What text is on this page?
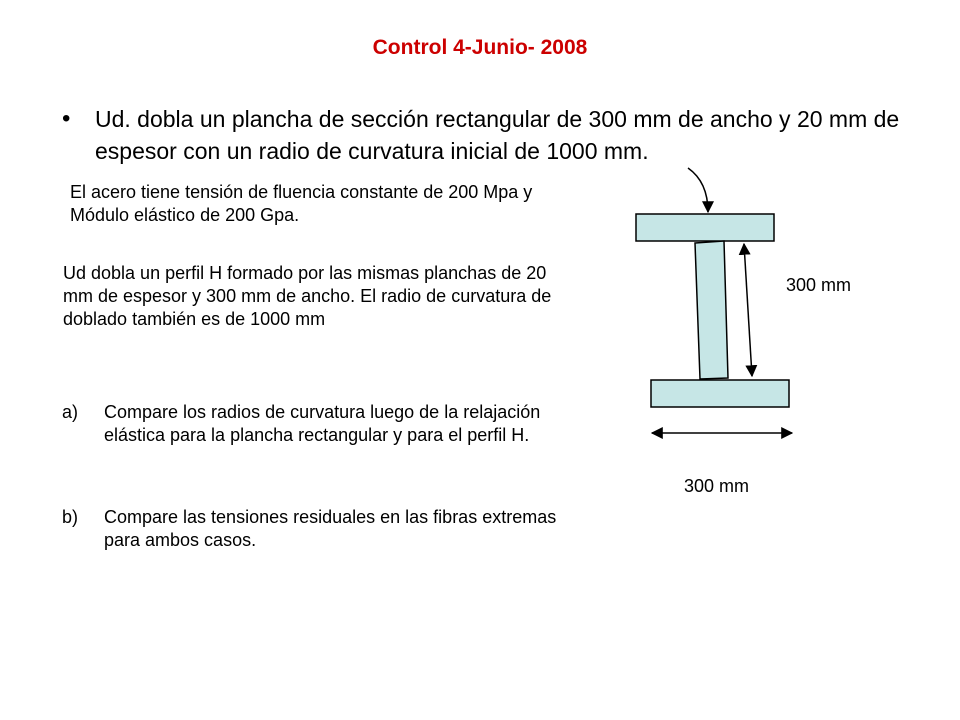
Control 4-Junio- 2008
• Ud. dobla un plancha de sección rectangular de 300 mm de ancho y 20 mm de espesor con un radio de curvatura inicial de 1000 mm.
El acero tiene tensión de fluencia constante de 200 Mpa y Módulo elástico de 200 Gpa.
Ud dobla un perfil H formado por las mismas planchas de 20 mm de espesor y 300 mm de ancho. El radio de curvatura de doblado también es de 1000 mm
a) Compare los radios de curvatura luego de la relajación elástica para la plancha rectangular y para el perfil H.
b) Compare las tensiones residuales en las fibras extremas para ambos casos.
300 mm
300 mm
